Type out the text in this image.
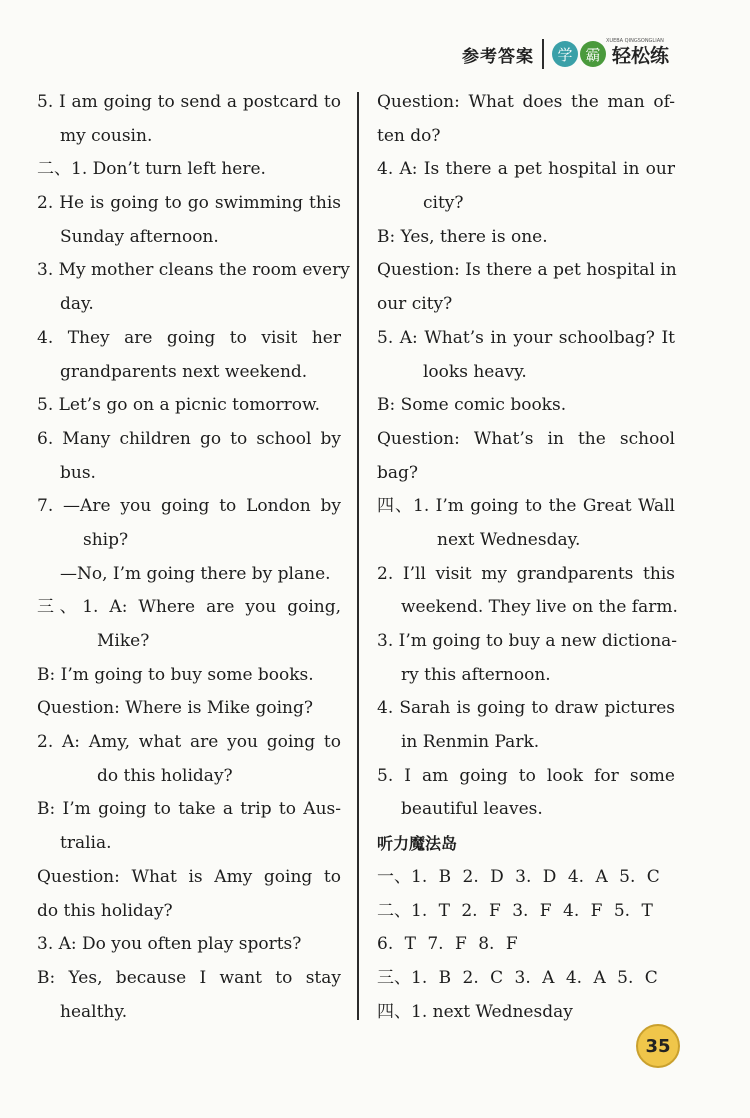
参考答案	学 霸 轻松练
XUEBA QINGSONGLIAN
5. I am going to send a postcard to
my cousin.
二、1. Don’t turn left here.
2. He is going to go swimming this
Sunday afternoon.
3. My mother cleans the room every
day.
4. They are going to visit her
grandparents next weekend.
5. Let’s go on a picnic tomorrow.
6. Many children go to school by
bus.
7. —Are you going to London by
ship?
—No, I’m going there by plane.
三、1. A: Where are you going,
Mike?
B: I’m going to buy some books.
Question: Where is Mike going?
2. A: Amy, what are you going to
do this holiday?
B: I’m going to take a trip to Aus-
tralia.
Question: What is Amy going to
do this holiday?
3. A: Do you often play sports?
B: Yes, because I want to stay
healthy.
Question: What does the man of-
ten do?
4. A: Is there a pet hospital in our
city?
B: Yes, there is one.
Question: Is there a pet hospital in
our city?
5. A: What’s in your schoolbag? It
looks heavy.
B: Some comic books.
Question: What’s in the school
bag?
四、1. I’m going to the Great Wall
next Wednesday.
2. I’ll visit my grandparents this
weekend. They live on the farm.
3. I’m going to buy a new dictiona-
ry this afternoon.
4. Sarah is going to draw pictures
in Renmin Park.
5. I am going to look for some
beautiful leaves.
听力魔法岛
一、1. B 2. D 3. D 4. A 5. C
二、1. T 2. F 3. F 4. F 5. T
6. T 7. F 8. F
三、1. B 2. C 3. A 4. A 5. C
四、1. next Wednesday
35
